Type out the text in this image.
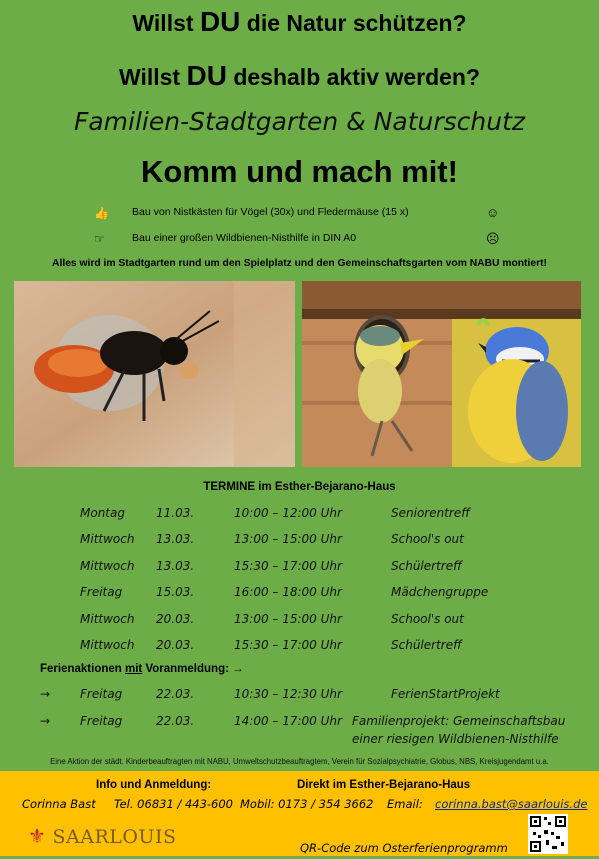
Willst DU die Natur schützen?
Willst DU deshalb aktiv werden?
Familien-Stadtgarten & Naturschutz
Komm und mach mit!
👍 Bau von Nistkästen für Vögel (30x) und Fledermäuse (15 x)	☺
☞	Bau einer großen Wildbienen-Nisthilfe in DIN A0	☹
Alles wird im Stadtgarten rund um den Spielplatz und den Gemeinschaftsgarten vom NABU montiert!
TERMINE im Esther-Bejarano-Haus
Montag	11.03.	10:00 – 12:00 Uhr	Seniorentreff
Mittwoch 13.03.	13:00 – 15:00 Uhr	School's out
Mittwoch 13.03.	15:30 – 17:00 Uhr	Schülertreff
Freitag	15.03.	16:00 – 18:00 Uhr	Mädchengruppe
Mittwoch 20.03.	13:00 – 15:00 Uhr	School's out
Mittwoch 20.03.	15:30 – 17:00 Uhr	Schülertreff
Ferienaktionen mit Voranmeldung: →
→ Freitag	22.03.	10:30 – 12:30 Uhr	FerienStartProjekt
→ Freitag	22.03.	14:00 – 17:00 Uhr Familienprojekt: Gemeinschaftsbau
einer riesigen Wildbienen-Nisthilfe
Eine Aktion der städt. Kinderbeauftragten mit NABU, Umweltschutzbeauftragtem, Verein für Sozialpsychiatrie, Globus, NBS, Kreisjugendamt u.a.
Info und Anmeldung:	Direkt im Esther-Bejarano-Haus
Corinna Bast Tel. 06831 / 443-600 Mobil: 0173 / 354 3662 Email: corinna.bast@saarlouis.de
⚜ SAARLOUIS	QR-Code zum Osterferienprogramm
